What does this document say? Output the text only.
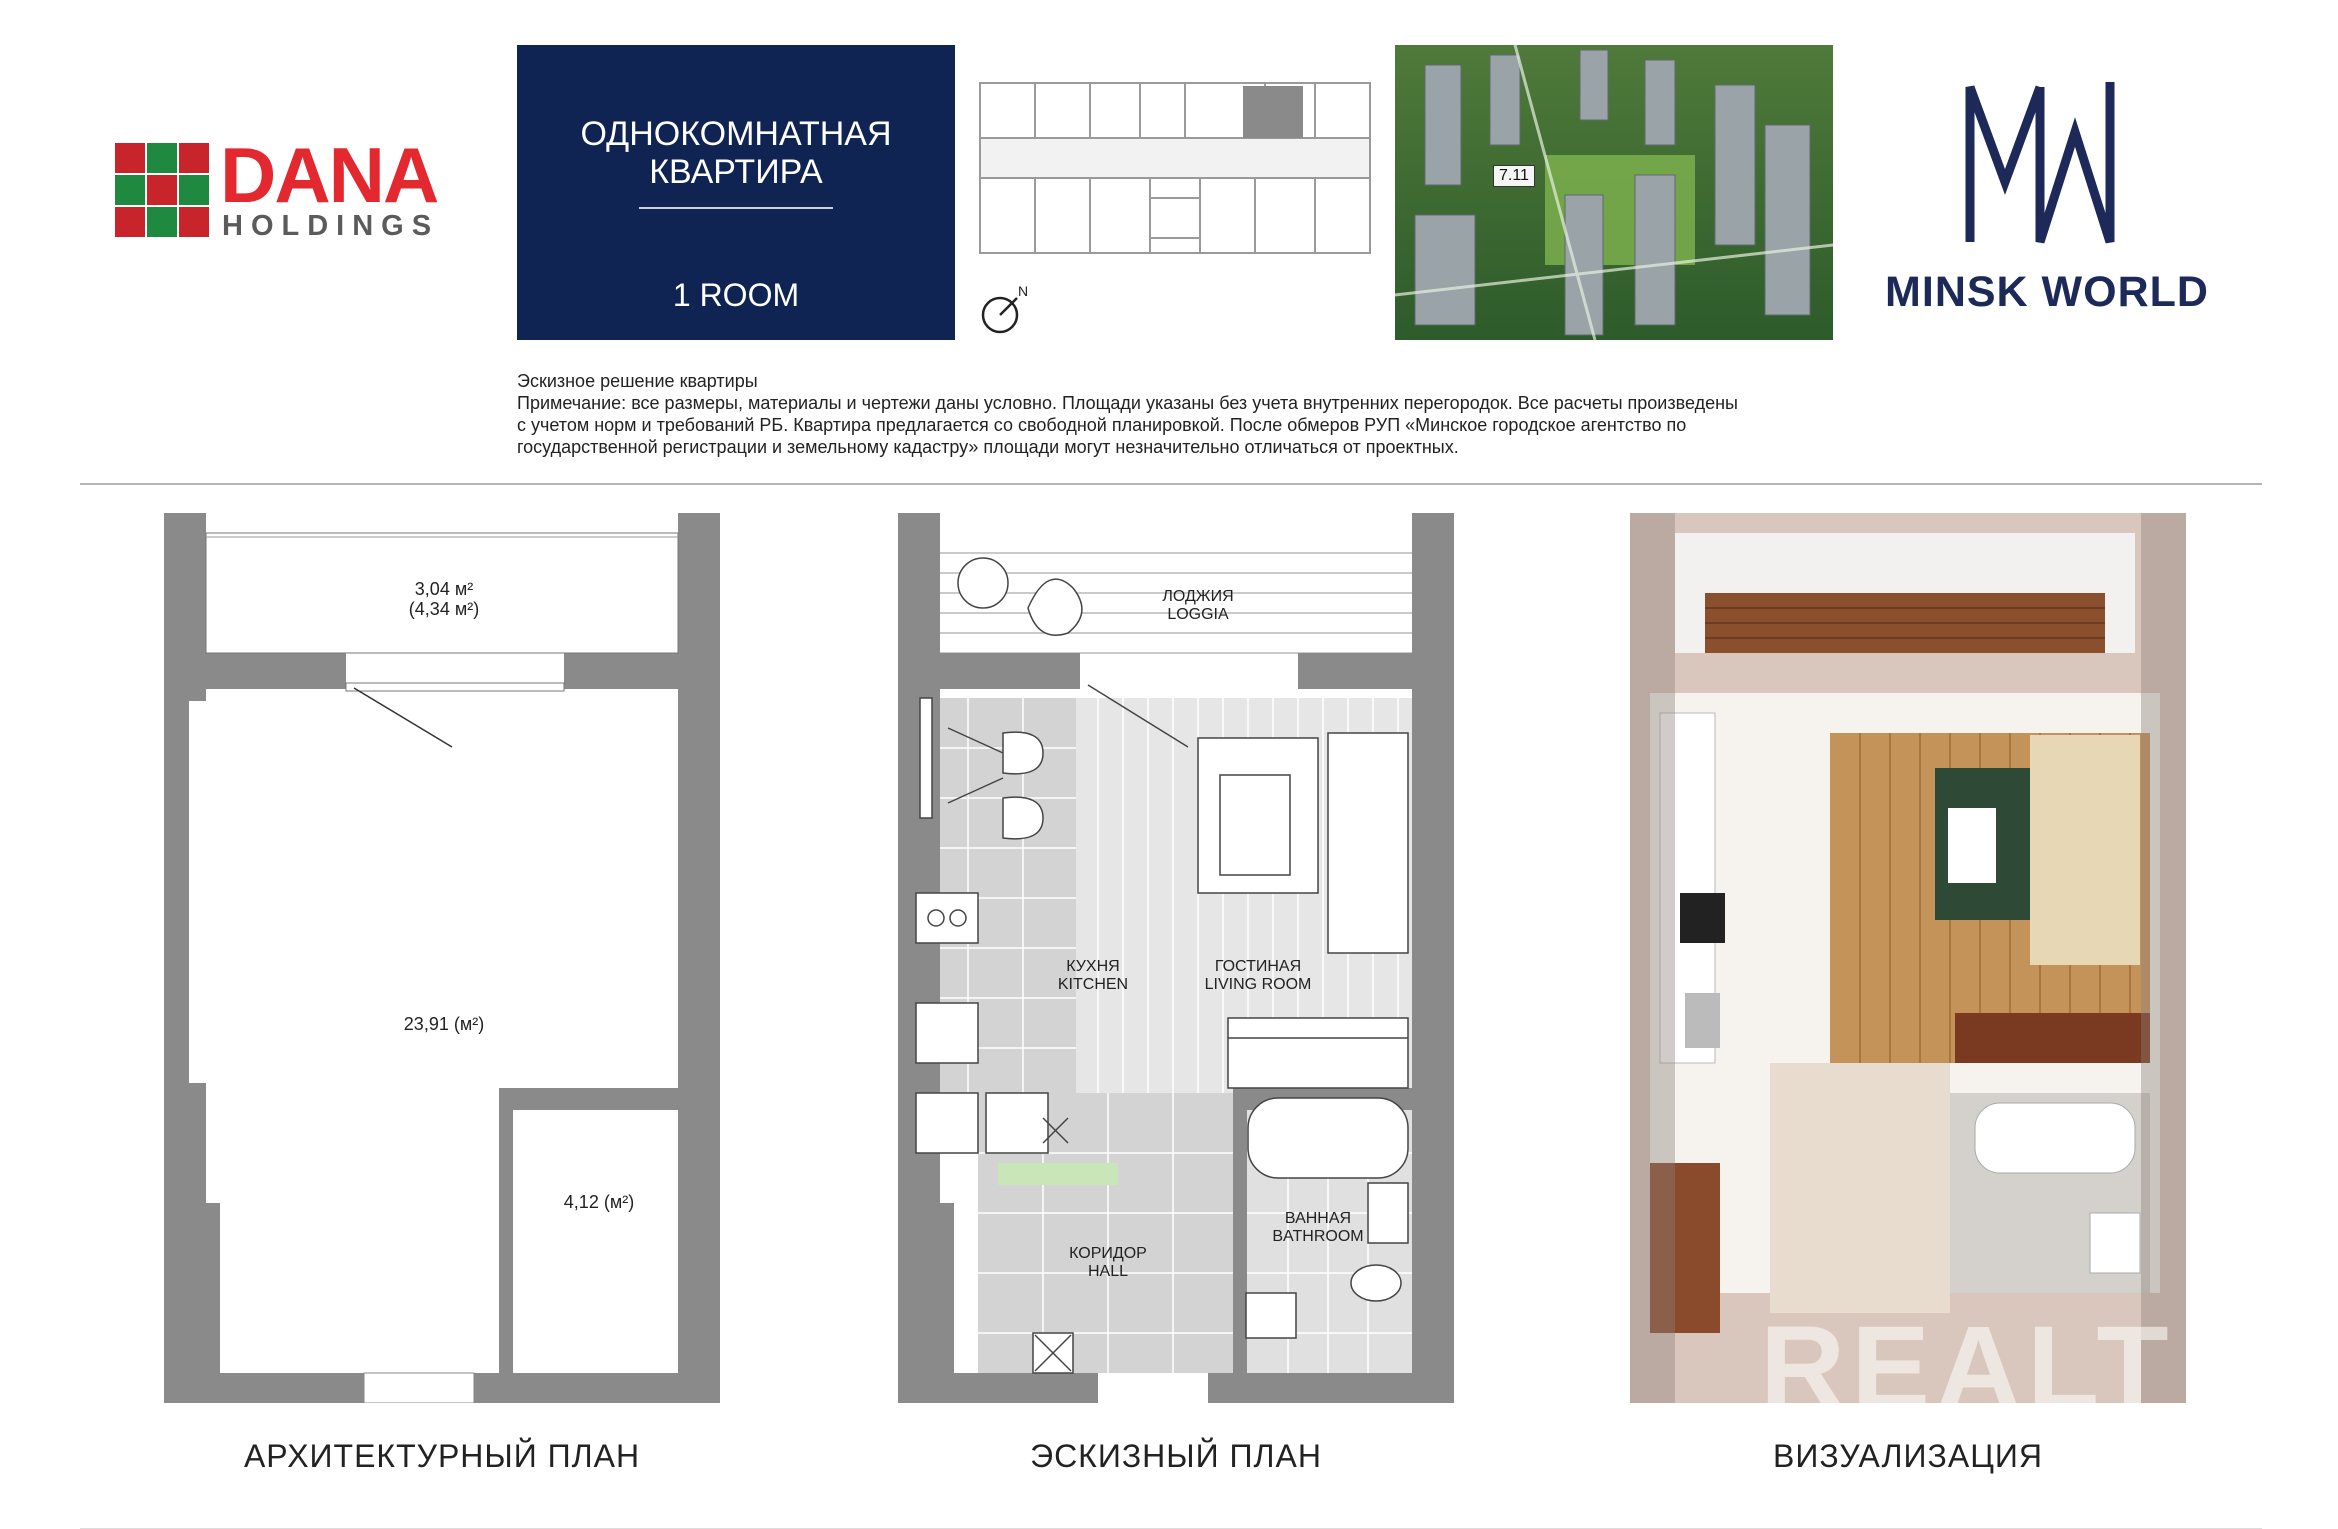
DANA
HOLDINGS
ОДНОКОМНАТНАЯ
КВАРТИРА
1 ROOM	N
7.11
MINSK WORLD
Эскизное решение квартиры
Примечание: все размеры, материалы и чертежи даны условно. Площади указаны без учета внутренних перегородок. Все расчеты произведены
с учетом норм и требований РБ. Квартира предлагается со свободной планировкой. После обмеров РУП «Минское городское агентство по
государственной регистрации и земельному кадастру» площади могут незначительно отличаться от проектных.
3,04 м²
(4,34 м²)
23,91 (м²)
4,12 (м²)
АРХИТЕКТУРНЫЙ ПЛАН
ЛОДЖИЯ
LOGGIA
КУХНЯ
KITCHEN
ГОСТИНАЯ
LIVING ROOM
ВАННАЯ
BATHROOM
КОРИДОР
HALL
ЭСКИЗНЫЙ ПЛАН
REALT
ВИЗУАЛИЗАЦИЯ
